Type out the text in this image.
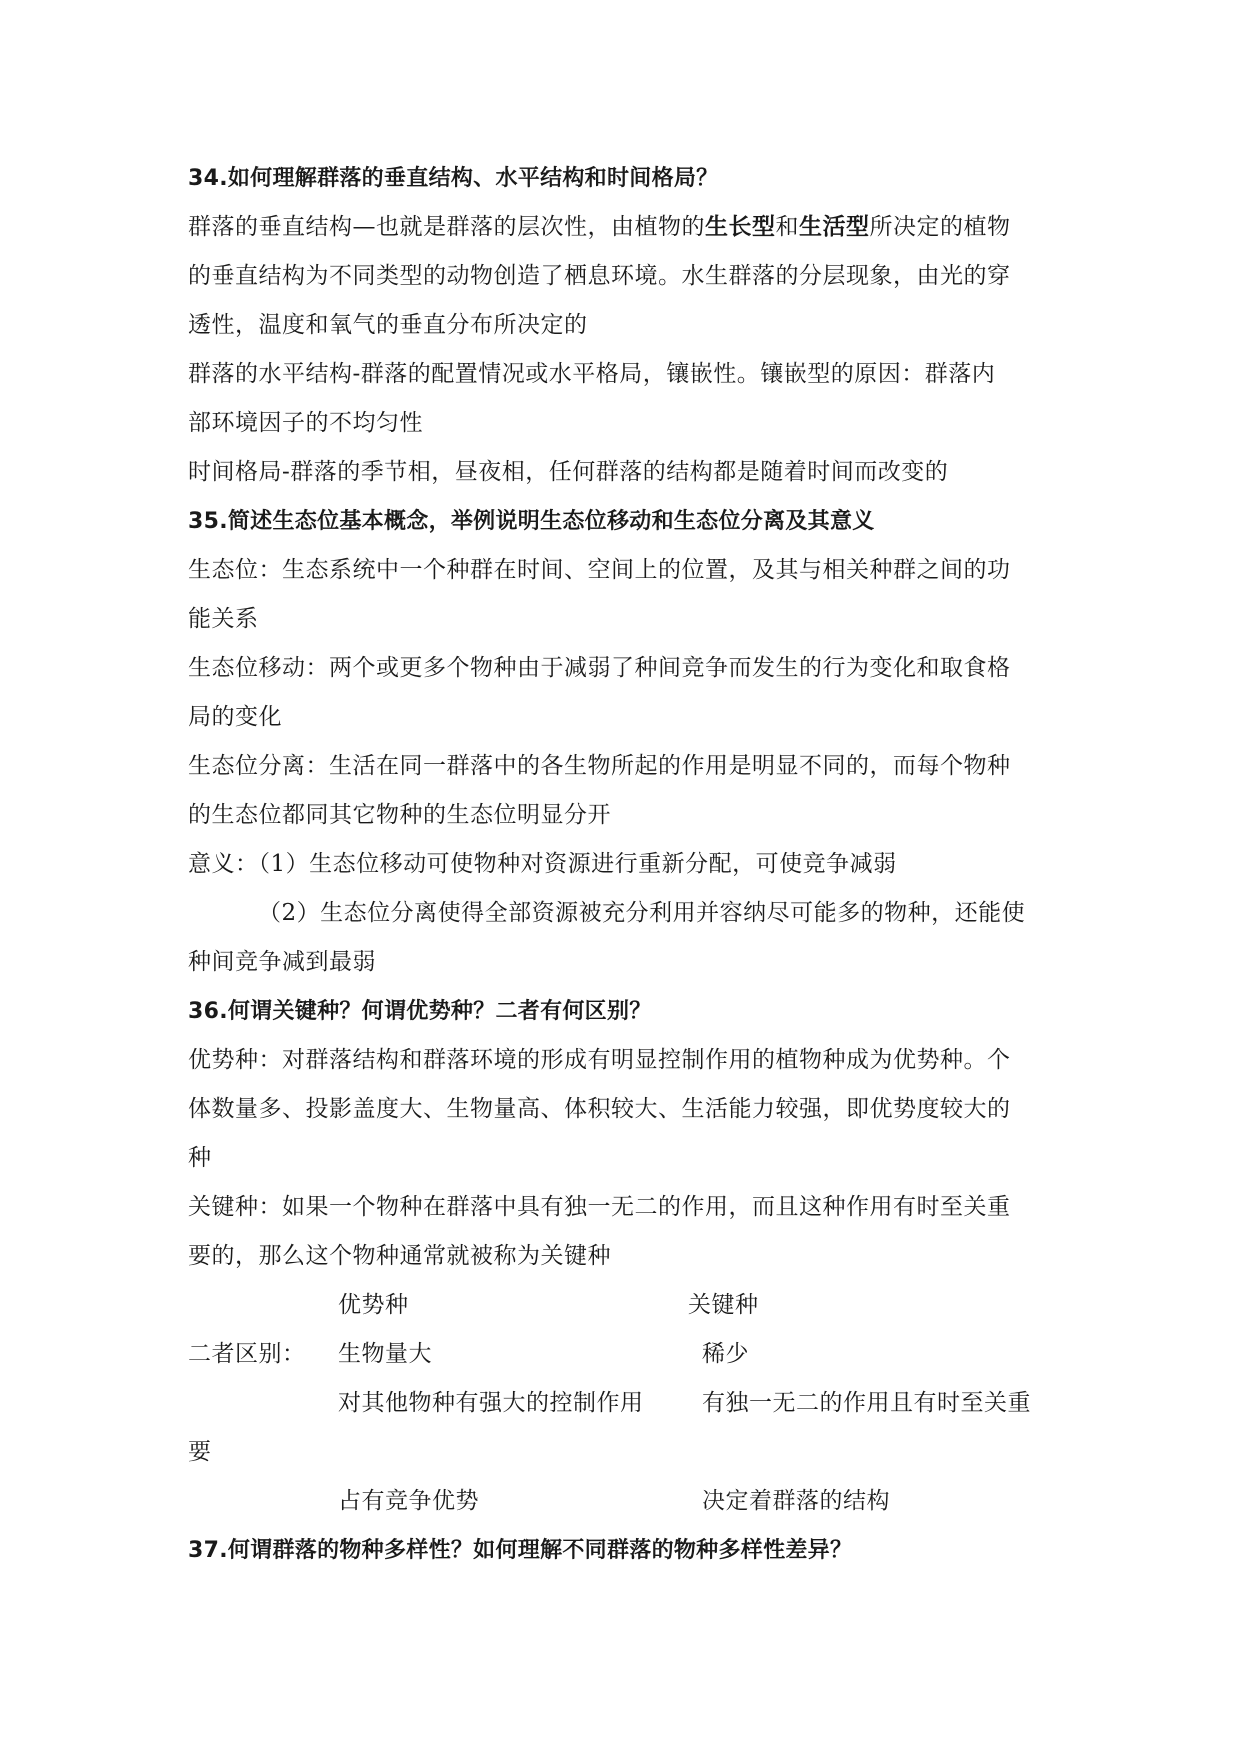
34.如何理解群落的垂直结构、水平结构和时间格局？
群落的垂直结构—也就是群落的层次性，由植物的生长型和生活型所决定的植物
的垂直结构为不同类型的动物创造了栖息环境。水生群落的分层现象，由光的穿
透性，温度和氧气的垂直分布所决定的
群落的水平结构-群落的配置情况或水平格局，镶嵌性。镶嵌型的原因：群落内
部环境因子的不均匀性
时间格局-群落的季节相，昼夜相，任何群落的结构都是随着时间而改变的
35.简述生态位基本概念，举例说明生态位移动和生态位分离及其意义
生态位：生态系统中一个种群在时间、空间上的位置，及其与相关种群之间的功
能关系
生态位移动：两个或更多个物种由于减弱了种间竞争而发生的行为变化和取食格
局的变化
生态位分离：生活在同一群落中的各生物所起的作用是明显不同的，而每个物种
的生态位都同其它物种的生态位明显分开
意义：（1）生态位移动可使物种对资源进行重新分配，可使竞争减弱
（2）生态位分离使得全部资源被充分利用并容纳尽可能多的物种，还能使
种间竞争减到最弱
36.何谓关键种？何谓优势种？二者有何区别？
优势种：对群落结构和群落环境的形成有明显控制作用的植物种成为优势种。个
体数量多、投影盖度大、生物量高、体积较大、生活能力较强，即优势度较大的
种
关键种：如果一个物种在群落中具有独一无二的作用，而且这种作用有时至关重
要的，那么这个物种通常就被称为关键种
优势种	关键种
二者区别： 生物量大	稀少
对其他物种有强大的控制作用	有独一无二的作用且有时至关重
要
占有竞争优势	决定着群落的结构
37.何谓群落的物种多样性？如何理解不同群落的物种多样性差异？
